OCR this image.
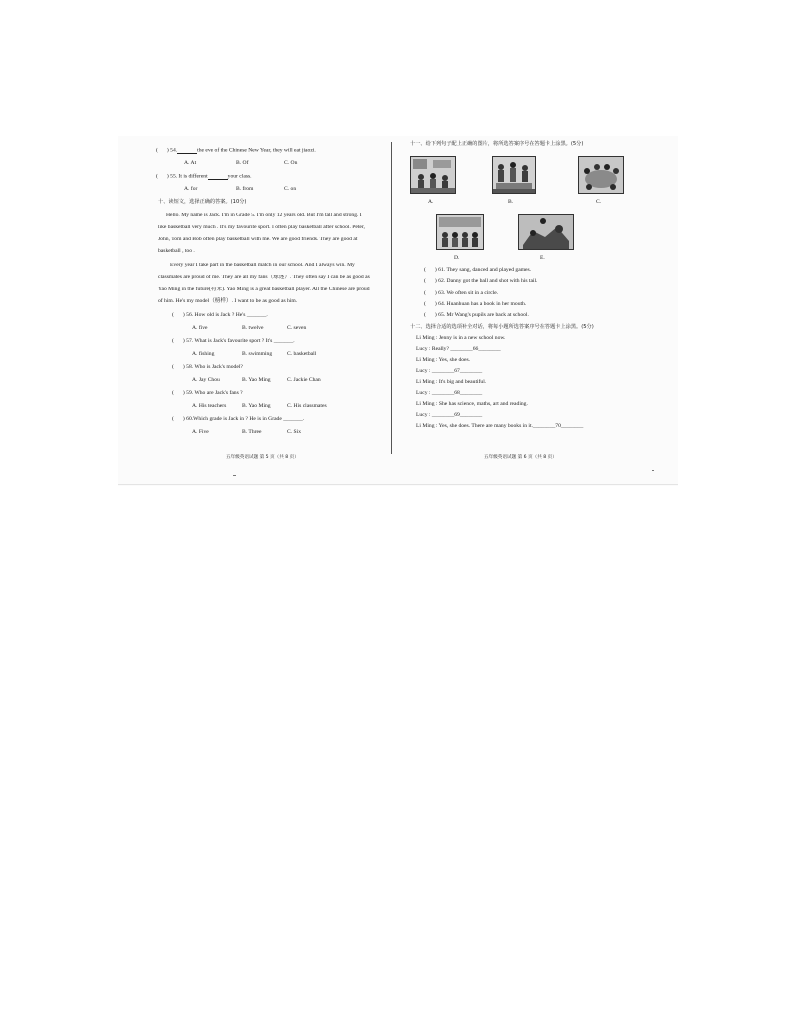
( ) 54.	the eve of the Chinese New Year, they will eat jiaozi.
A. At	B. Of	C. On
( ) 55. It is different	your class.
A. for	B. from	C. on
十、读短文，选择正确的答案。(10分)
Hello. My name is Jack. I'm in Grade 5. I'm only 12 years old. But I'm tall and strong. I
like basketball very much . It's my favourite sport. I often play basketball after school. Peter,
John, Tom and Bob often play basketball with me. We are good friends. They are good at
basketball , too .
Every year I take part in the basketball match in our school. And I always win. My
classmates are proud of me. They are all my fans（球迷）. They often say I can be as good as
Yao Ming in the future(将来). Yao Ming is a great basketball player. All the Chinese are proud
of him. He's my model（榜样）. I want to be as good as him.
( ) 56. How old is Jack ? He's _______.
A. five	B. twelve	C. seven
( ) 57. What is Jack's favourite sport ? It's _______.
A. fishing	B. swimming	C. basketball
( ) 58. Who is Jack's model?
A. Jay Chou	B. Yao Ming	C. Jackie Chan
( ) 59. Who are Jack's fans ?
A. His teachers	B. Yao Ming	C. His classmates
( ) 60.Which grade is Jack in ? He is in Grade _______.
A. Five	B. Three	C. Six
五年级英语试题 第 5 页（共 8 页）
十一、给下列句子配上正确的图片，将所选答案序号在答题卡上涂黑。(5分)
A.	B.	C.
D.	E.
( ) 61. They sang, danced and played games.
( ) 62. Danny got the ball and shot with his tail.
( ) 63. We often sit in a circle.
( ) 64. Huanhuan has a book in her mouth.
( ) 65. Mr Wang's pupils are back at school.
十二、选择合适的选项补全对话，将每小题所选答案序号在答题卡上涂黑。(5分)
Li Ming : Jenny is in a new school now.
Lucy : Really? ________66________
Li Ming : Yes, she does.
Lucy : ________67________
Li Ming : It's big and beautiful.
Lucy : ________68________
Li Ming : She has science, maths, art and reading.
Lucy : ________69________
Li Ming : Yes, she does. There are many books in it.________70________
五年级英语试题 第 6 页（共 8 页）
